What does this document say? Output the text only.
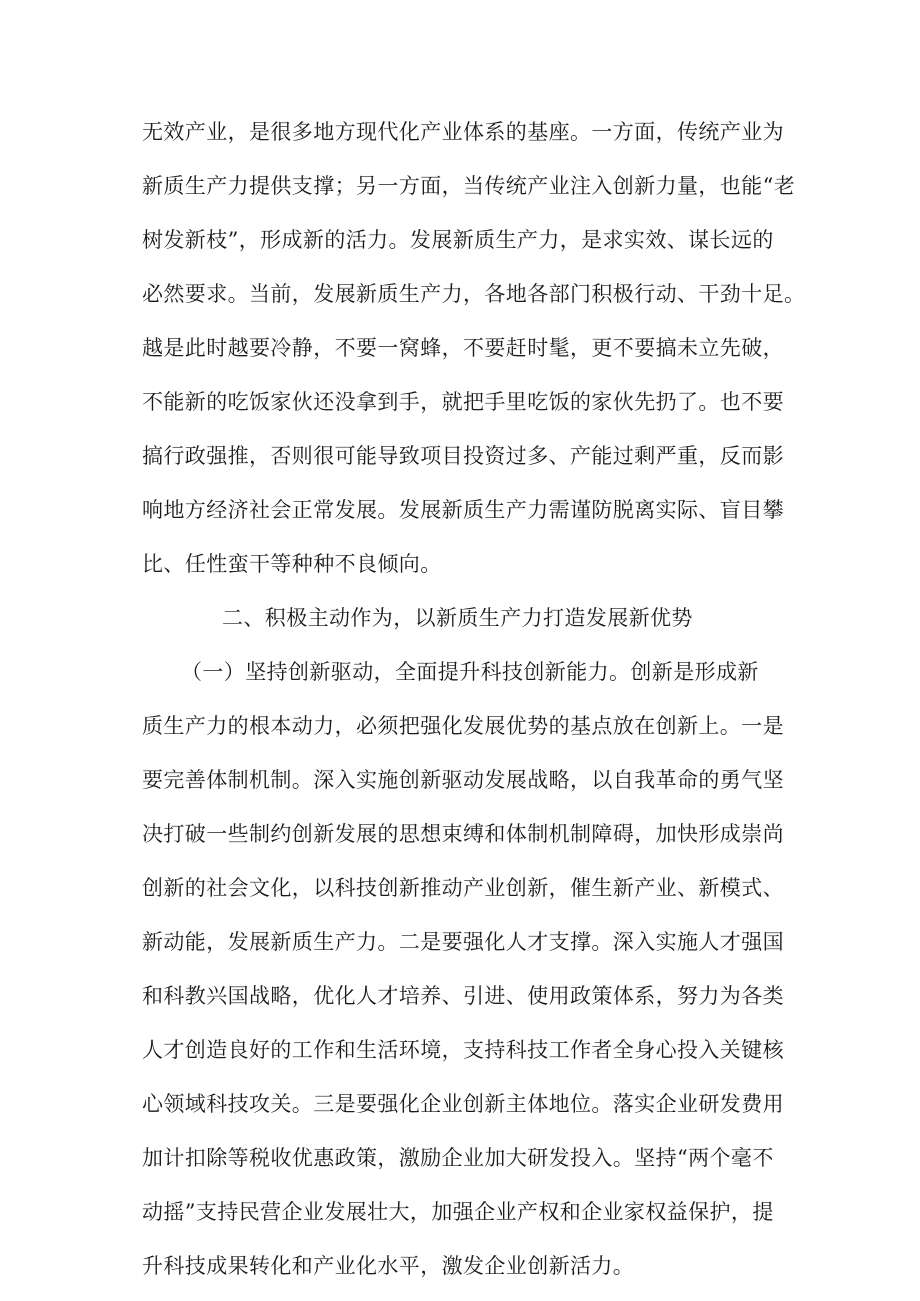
无效产业，是很多地方现代化产业体系的基座。一方面，传统产业为
新质生产力提供支撑；另一方面，当传统产业注入创新力量，也能“老
树发新枝”，形成新的活力。发展新质生产力，是求实效、谋长远的
必然要求。当前，发展新质生产力，各地各部门积极行动、干劲十足。
越是此时越要冷静，不要一窝蜂，不要赶时髦，更不要搞未立先破，
不能新的吃饭家伙还没拿到手，就把手里吃饭的家伙先扔了。也不要
搞行政强推，否则很可能导致项目投资过多、产能过剩严重，反而影
响地方经济社会正常发展。发展新质生产力需谨防脱离实际、盲目攀
比、任性蛮干等种种不良倾向。
二、积极主动作为，以新质生产力打造发展新优势
（一）坚持创新驱动，全面提升科技创新能力。创新是形成新
质生产力的根本动力，必须把强化发展优势的基点放在创新上。一是
要完善体制机制。深入实施创新驱动发展战略，以自我革命的勇气坚
决打破一些制约创新发展的思想束缚和体制机制障碍，加快形成崇尚
创新的社会文化，以科技创新推动产业创新，催生新产业、新模式、
新动能，发展新质生产力。二是要强化人才支撑。深入实施人才强国
和科教兴国战略，优化人才培养、引进、使用政策体系，努力为各类
人才创造良好的工作和生活环境，支持科技工作者全身心投入关键核
心领域科技攻关。三是要强化企业创新主体地位。落实企业研发费用
加计扣除等税收优惠政策，激励企业加大研发投入。坚持“两个毫不
动摇”支持民营企业发展壮大，加强企业产权和企业家权益保护，提
升科技成果转化和产业化水平，激发企业创新活力。
